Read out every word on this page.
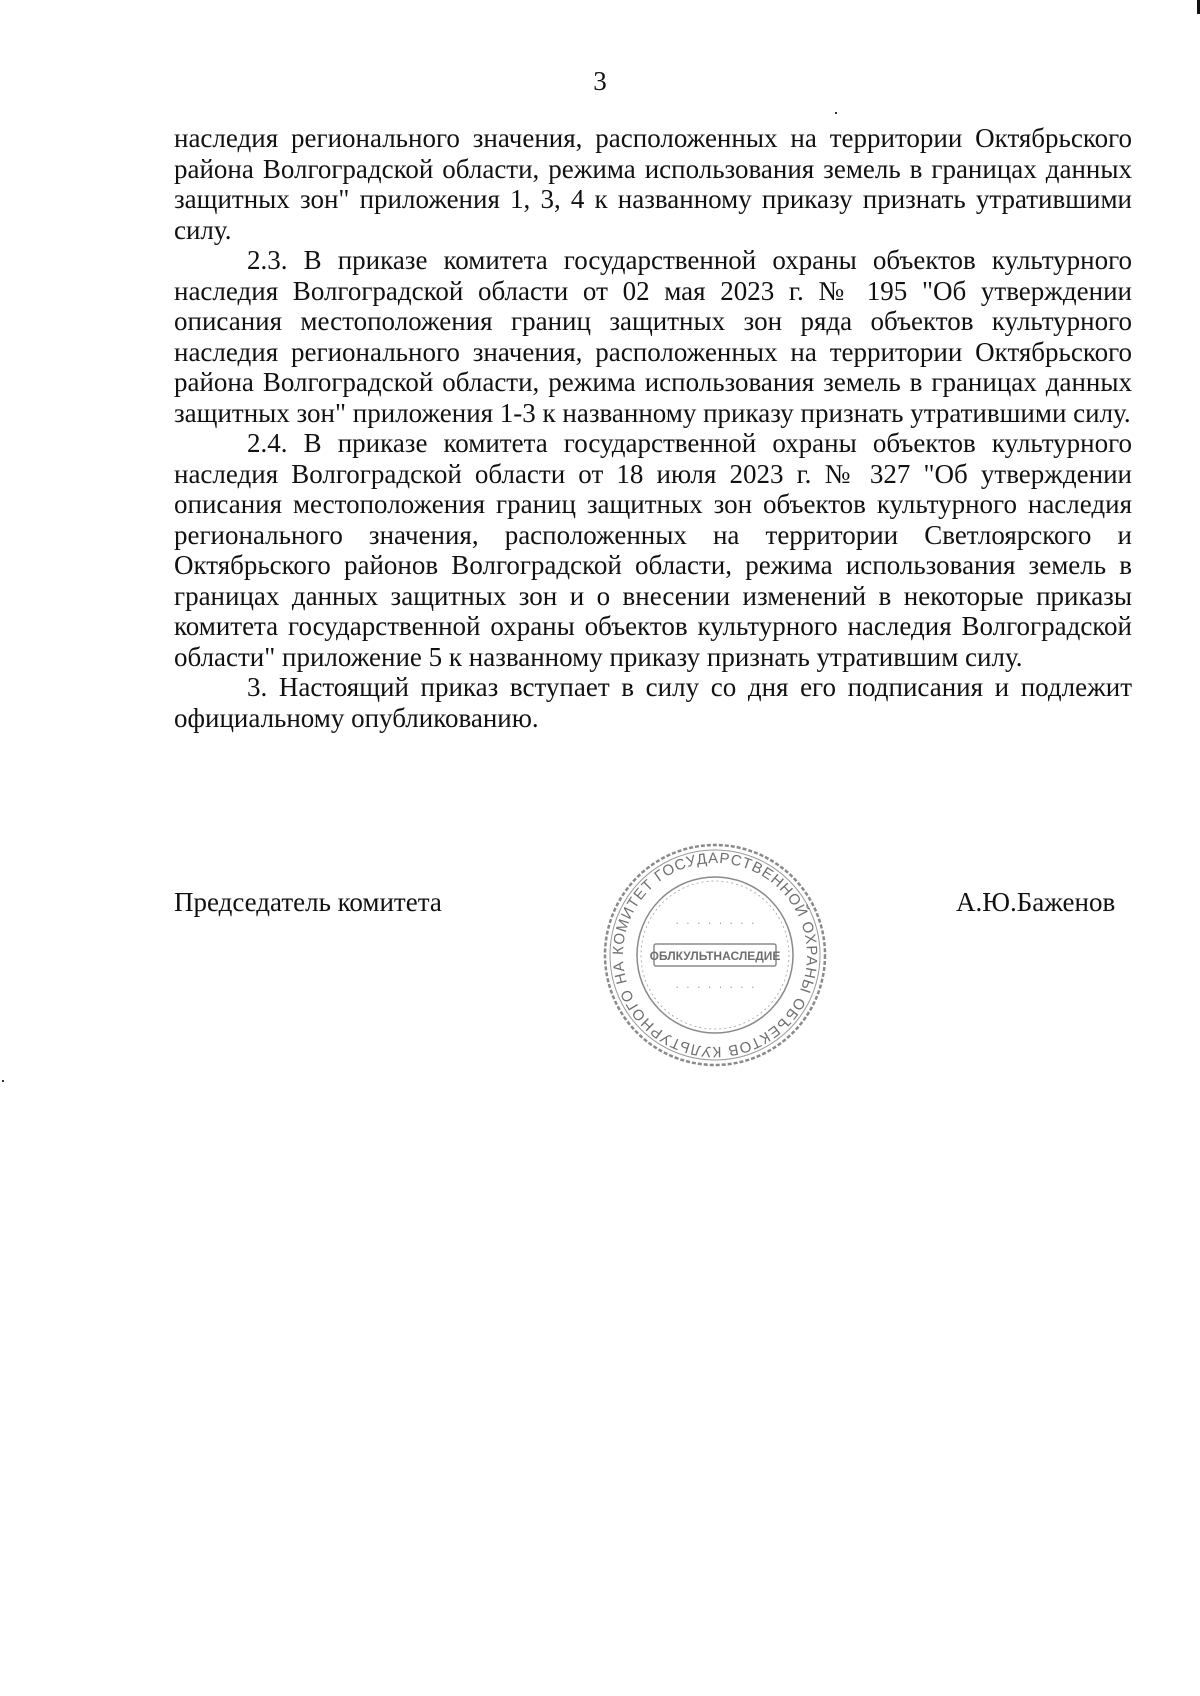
3

наследия регионального значения, расположенных на территории Октябрьского района Волгоградской области, режима использования земель в границах данных защитных зон" приложения 1, 3, 4 к названному приказу признать утратившими силу.

2.3. В приказе комитета государственной охраны объектов культурного наследия Волгоградской области от 02 мая 2023 г. № 195 "Об утверждении описания местоположения границ защитных зон ряда объектов культурного наследия регионального значения, расположенных на территории Октябрьского района Волгоградской области, режима использования земель в границах данных защитных зон" приложения 1-3 к названному приказу признать утратившими силу.

2.4. В приказе комитета государственной охраны объектов культурного наследия Волгоградской области от 18 июля 2023 г. № 327 "Об утверждении описания местоположения границ защитных зон объектов культурного наследия регионального значения, расположенных на территории Светлоярского и Октябрьского районов Волгоградской области, режима использования земель в границах данных защитных зон и о внесении изменений в некоторые приказы комитета государственной охраны объектов культурного наследия Волгоградской области" приложение 5 к названному приказу признать утратившим силу.

3. Настоящий приказ вступает в силу со дня его подписания и подлежит официальному опубликованию.

Председатель комитета
КОМИТЕТ ГОСУДАРСТВЕННОЙ ОХРАНЫ ОБЪЕКТОВ КУЛЬТУРНОГО НА
ОБЛКУЛЬТНАСЛЕДИЕ
· · · · · · · ·
· · · · · · · ·
А.Ю.Баженов
